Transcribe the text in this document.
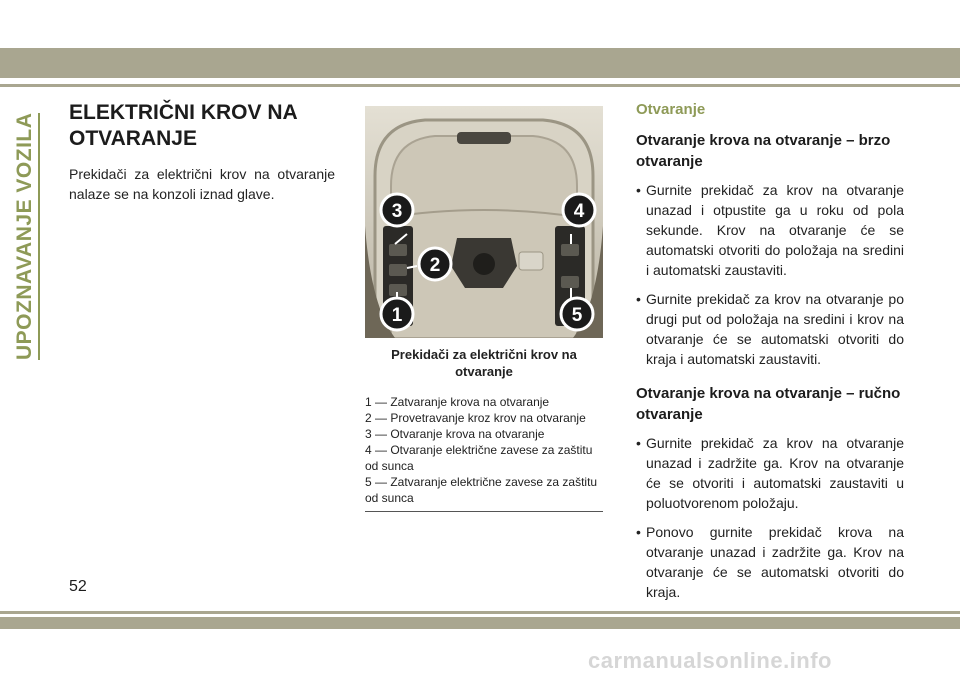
UPOZNAVANJE VOZILA
ELEKTRIČNI KROV NA OTVARANJE

Prekidači za električni krov na otvaranje nalaze se na konzoli iznad glave.

3	4
2
1	5
Prekidači za električni krov na otvaranje
1 — Zatvaranje krova na otvaranje
2 — Provetravanje kroz krov na otvaranje
3 — Otvaranje krova na otvaranje
4 — Otvaranje električne zavese za zaštitu od sunca
5 — Zatvaranje električne zavese za zaštitu od sunca
Otvaranje
Otvaranje krova na otvaranje – brzo otvaranje
• Gurnite prekidač za krov na otvaranje unazad i otpustite ga u roku od pola sekunde. Krov na otvaranje će se automatski otvoriti do položaja na sredini i automatski zaustaviti.
• Gurnite prekidač za krov na otvaranje po drugi put od položaja na sredini i krov na otvaranje će se automatski otvoriti do kraja i automatski zaustaviti.
Otvaranje krova na otvaranje – ručno otvaranje
• Gurnite prekidač za krov na otvaranje unazad i zadržite ga. Krov na otvaranje će se otvoriti i automatski zaustaviti u poluotvorenom položaju.
• Ponovo gurnite prekidač krova na otvaranje unazad i zadržite ga. Krov na otvaranje će se automatski otvoriti do kraja.
52
carmanualsonline.info
